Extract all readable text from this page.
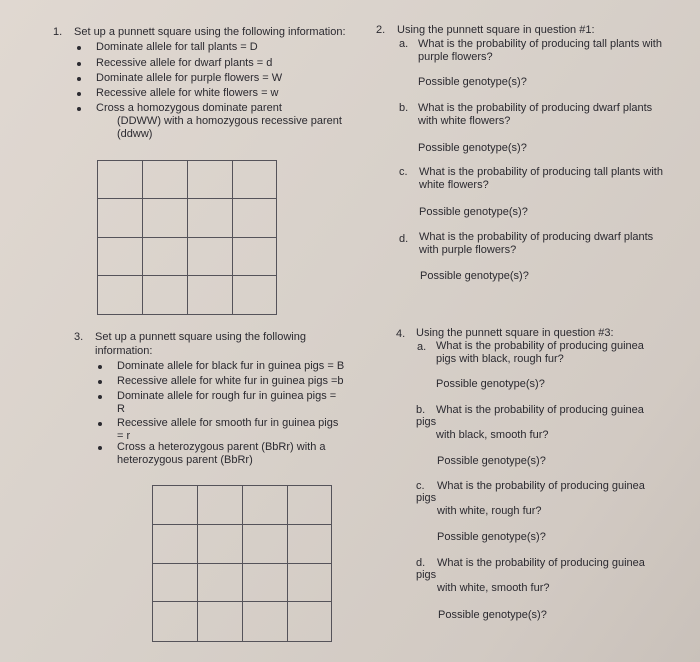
1. Set up a punnett square using the following information:
Dominate allele for tall plants = D
Recessive allele for dwarf plants = d
Dominate allele for purple flowers = W
Recessive allele for white flowers = w
Cross a homozygous dominate parent
(DDWW) with a homozygous recessive parent
(ddww)
2. Using the punnett square in question #1:
a. What is the probability of producing tall plants with
purple flowers?
Possible genotype(s)?
b. What is the probability of producing dwarf plants
with white flowers?
Possible genotype(s)?
c. What is the probability of producing tall plants with
white flowers?
Possible genotype(s)?
d. What is the probability of producing dwarf plants
with purple flowers?
Possible genotype(s)?
3. Set up a punnett square using the following
information:
Dominate allele for black fur in guinea pigs = B
Recessive allele for white fur in guinea pigs =b
Dominate allele for rough fur in guinea pigs =
R
Recessive allele for smooth fur in guinea pigs
= r
Cross a heterozygous parent (BbRr) with a
heterozygous parent (BbRr)
4. Using the punnett square in question #3:
a. What is the probability of producing guinea
pigs with black, rough fur?
Possible genotype(s)?
b. What is the probability of producing guinea
pigs
with black, smooth fur?
Possible genotype(s)?
c. What is the probability of producing guinea
pigs
with white, rough fur?
Possible genotype(s)?
d. What is the probability of producing guinea
pigs
with white, smooth fur?
Possible genotype(s)?
